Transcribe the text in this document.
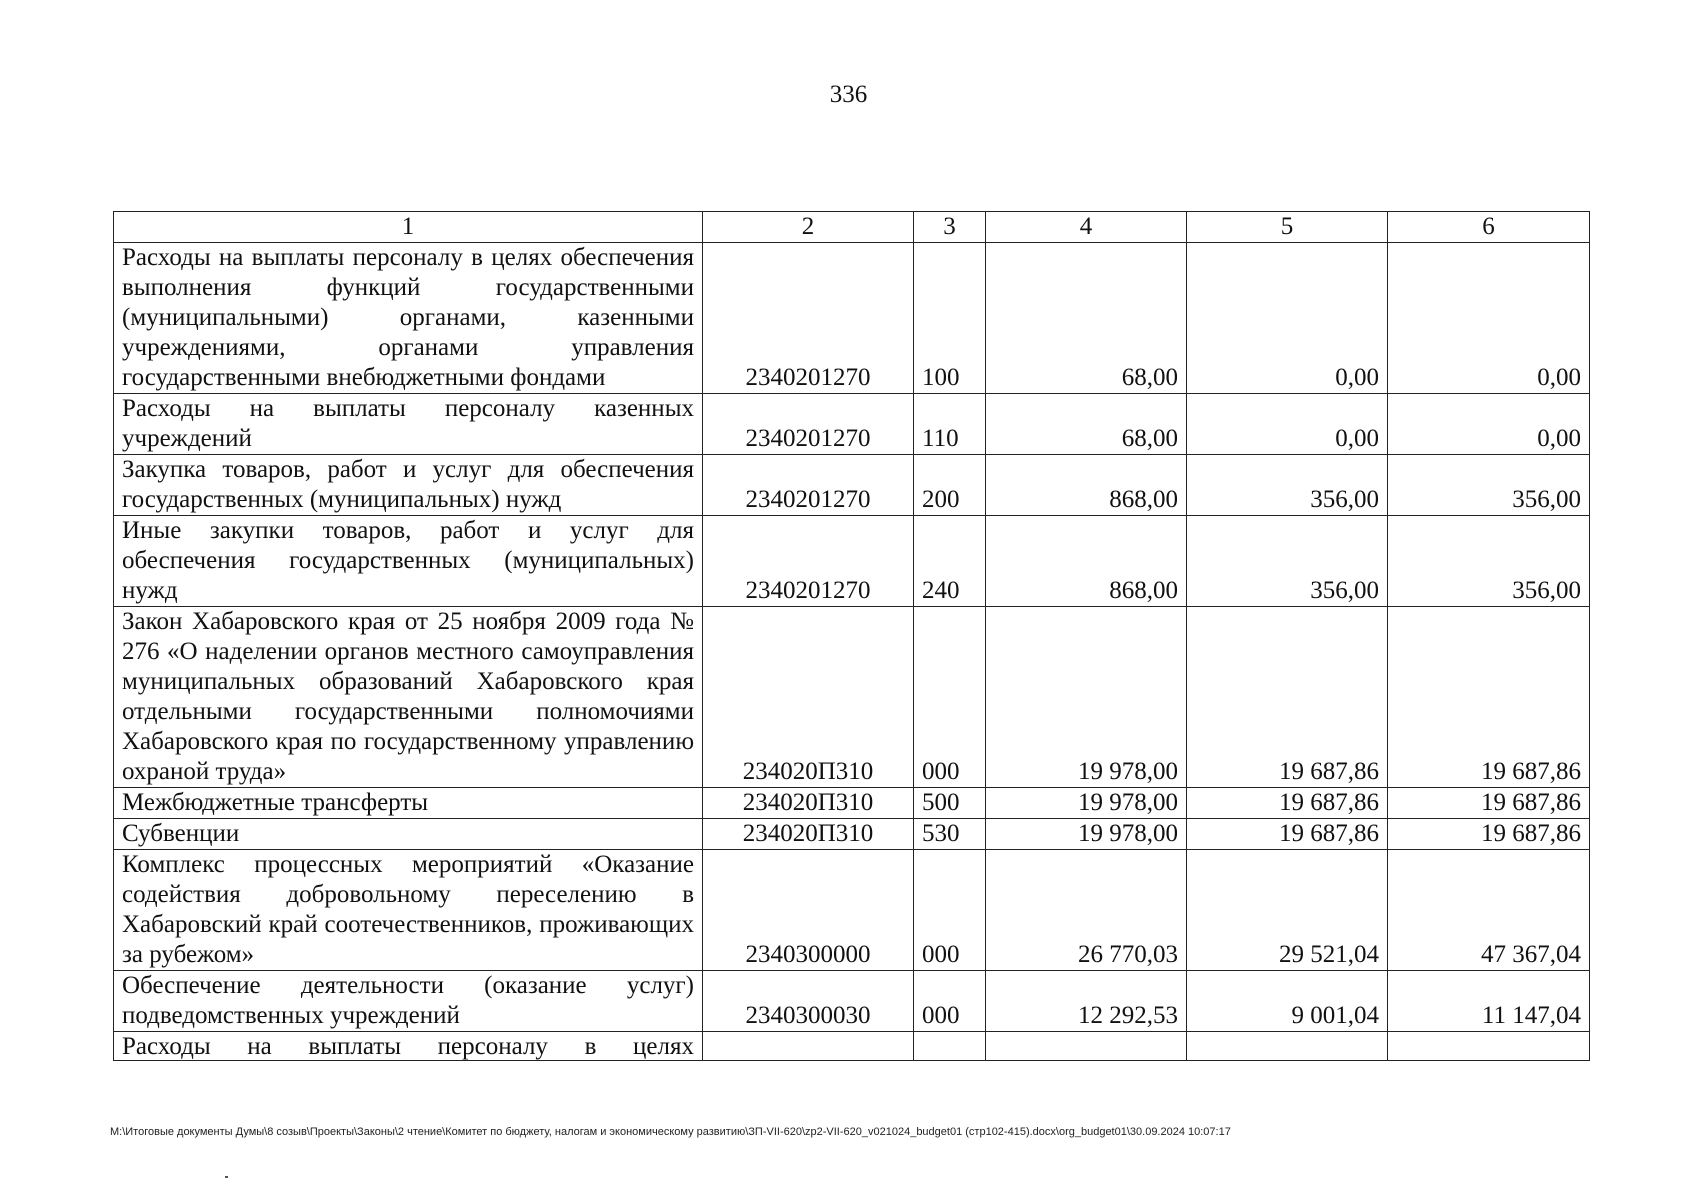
336
1	2	3	4	5	6
Расходы на выплаты персоналу в целях обеспечения выполнения функций государственными (муниципальными) органами, казенными учреждениями, органами управления государственными внебюджетными фондами	2340201270	100	68,00	0,00	0,00
Расходы на выплаты персоналу казенных учреждений	2340201270	110	68,00	0,00	0,00
Закупка товаров, работ и услуг для обеспечения государственных (муниципальных) нужд	2340201270	200	868,00	356,00	356,00
Иные закупки товаров, работ и услуг для обеспечения государственных (муниципальных) нужд	2340201270	240	868,00	356,00	356,00
Закон Хабаровского края от 25 ноября 2009 года № 276 «О наделении органов местного самоуправления муниципальных образований Хабаровского края отдельными государственными полномочиями Хабаровского края по государственному управлению охраной труда»	234020П310	000	19 978,00	19 687,86	19 687,86
Межбюджетные трансферты	234020П310	500	19 978,00	19 687,86	19 687,86
Субвенции	234020П310	530	19 978,00	19 687,86	19 687,86
Комплекс процессных мероприятий «Оказание содействия добровольному переселению в Хабаровский край соотечественников, проживающих за рубежом»	2340300000	000	26 770,03	29 521,04	47 367,04
Обеспечение деятельности (оказание услуг) подведомственных учреждений	2340300030	000	12 292,53	9 001,04	11 147,04
Расходы на выплаты персоналу в целях					
M:\Итоговые документы Думы\8 созыв\Проекты\Законы\2 чтение\Комитет по бюджету, налогам и экономическому развитию\ЗП-VII-620\zp2-VII-620_v021024_budget01 (стр102-415).docx\org_budget01\30.09.2024 10:07:17
